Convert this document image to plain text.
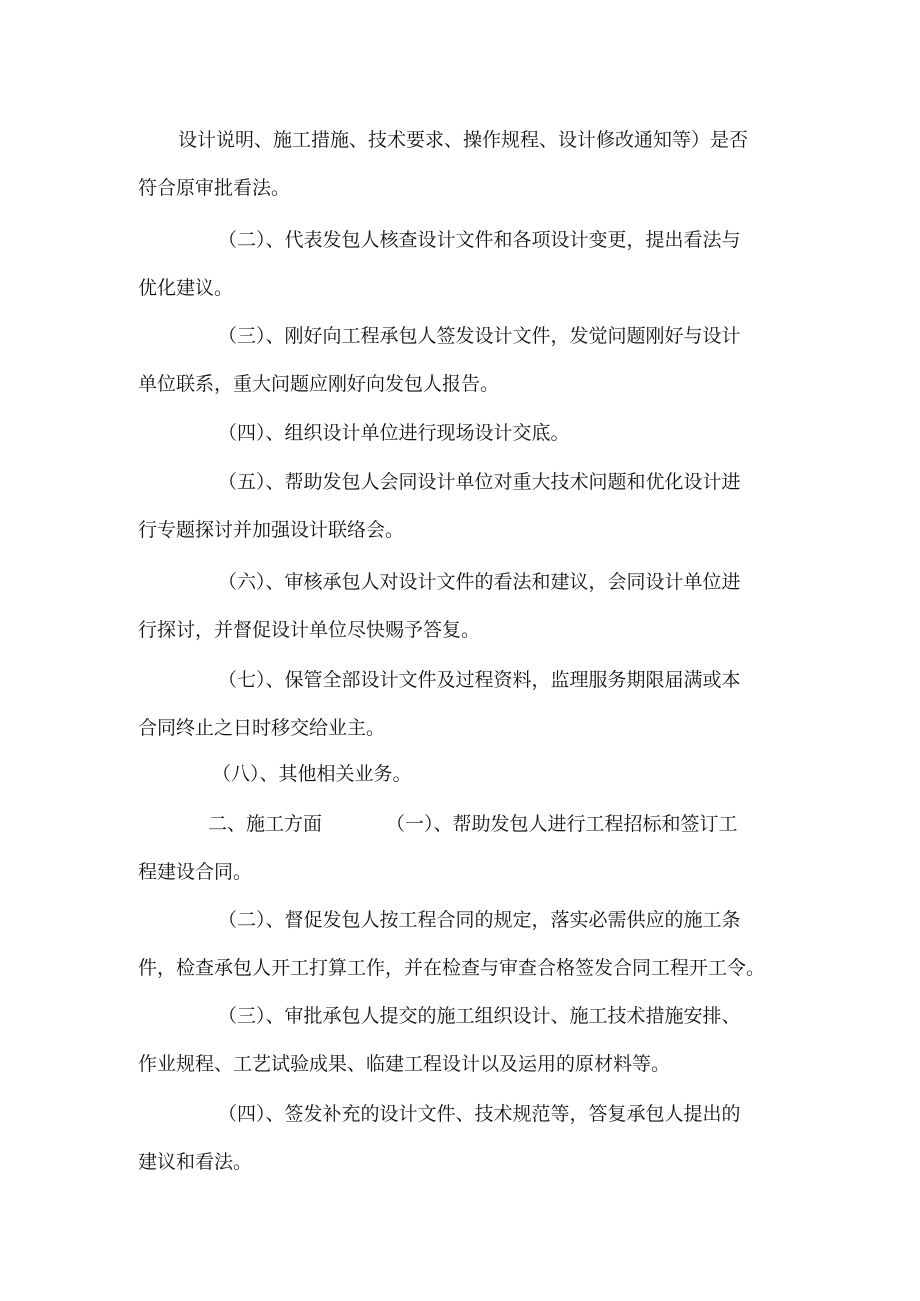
设计说明、施工措施、技术要求、操作规程、设计修改通知等）是否
符合原审批看法。
（二）、代表发包人核查设计文件和各项设计变更，提出看法与
优化建议。
（三）、刚好向工程承包人签发设计文件，发觉问题刚好与设计
单位联系，重大问题应刚好向发包人报告。
（四）、组织设计单位进行现场设计交底。
（五）、帮助发包人会同设计单位对重大技术问题和优化设计进
行专题探讨并加强设计联络会。
（六）、审核承包人对设计文件的看法和建议，会同设计单位进
行探讨，并督促设计单位尽快赐予答复。
（七）、保管全部设计文件及过程资料，监理服务期限届满或本
合同终止之日时移交给业主。
（八）、其他相关业务。
二、施工方面	（一）、帮助发包人进行工程招标和签订工
程建设合同。
（二）、督促发包人按工程合同的规定，落实必需供应的施工条
件，检查承包人开工打算工作，并在检查与审查合格签发合同工程开工令。
（三）、审批承包人提交的施工组织设计、施工技术措施安排、
作业规程、工艺试验成果、临建工程设计以及运用的原材料等。
（四）、签发补充的设计文件、技术规范等，答复承包人提出的
建议和看法。
